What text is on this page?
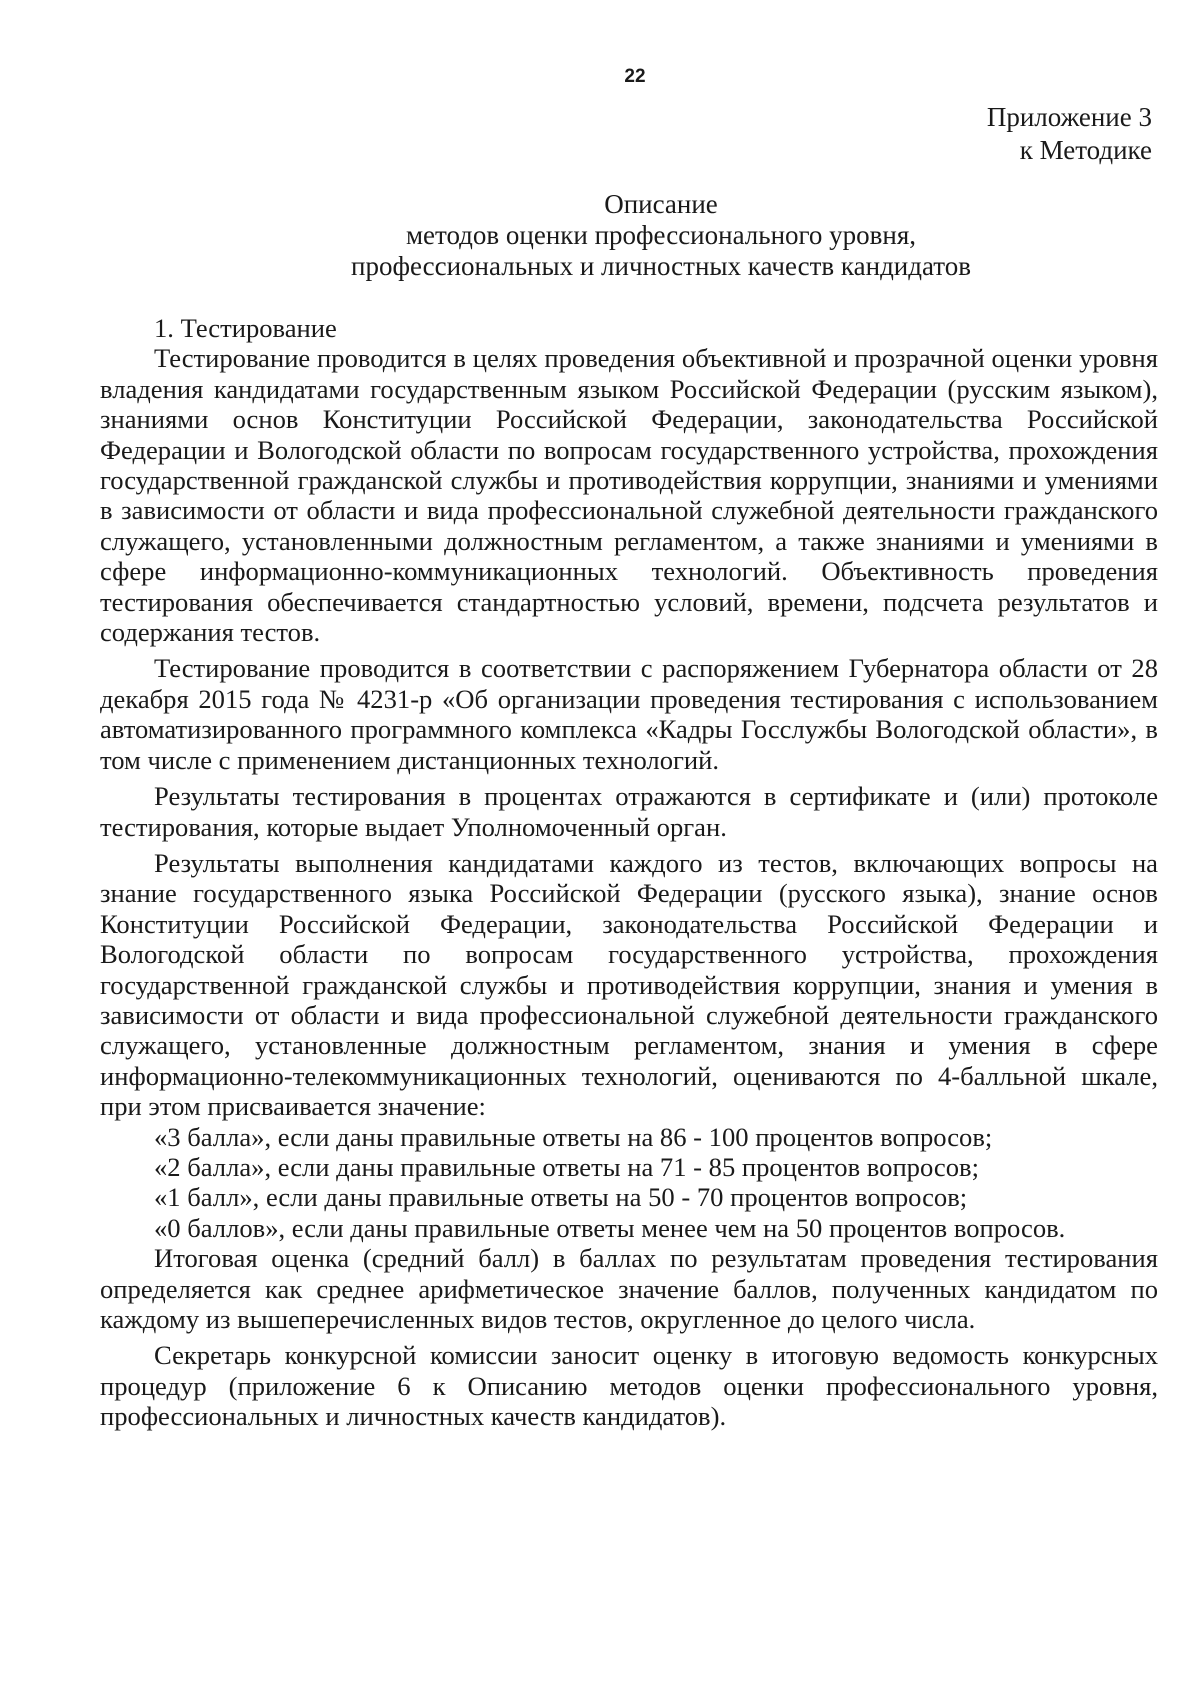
22
Приложение 3
к Методике
Описание
методов оценки профессионального уровня,
профессиональных и личностных качеств кандидатов

1. Тестирование

Тестирование проводится в целях проведения объективной и прозрачной оценки уровня владения кандидатами государственным языком Российской Федерации (русским языком), знаниями основ Конституции Российской Федерации, законодательства Российской Федерации и Вологодской области по вопросам государственного устройства, прохождения государственной гражданской службы и противодействия коррупции, знаниями и умениями в зависимости от области и вида профессиональной служебной деятельности гражданского служащего, установленными должностным регламентом, а также знаниями и умениями в сфере информационно-коммуникационных технологий. Объективность проведения тестирования обеспечивается стандартностью условий, времени, подсчета результатов и содержания тестов.

Тестирование проводится в соответствии с распоряжением Губернатора области от 28 декабря 2015 года № 4231-р «Об организации проведения тестирования с использованием автоматизированного программного комплекса «Кадры Госслужбы Вологодской области», в том числе с применением дистанционных технологий.

Результаты тестирования в процентах отражаются в сертификате и (или) протоколе тестирования, которые выдает Уполномоченный орган.

Результаты выполнения кандидатами каждого из тестов, включающих вопросы на знание государственного языка Российской Федерации (русского языка), знание основ Конституции Российской Федерации, законодательства Российской Федерации и Вологодской области по вопросам государственного устройства, прохождения государственной гражданской службы и противодействия коррупции, знания и умения в зависимости от области и вида профессиональной служебной деятельности гражданского служащего, установленные должностным регламентом, знания и умения в сфере информационно-телекоммуникационных технологий, оцениваются по 4-балльной шкале, при этом присваивается значение:

«3 балла», если даны правильные ответы на 86 - 100 процентов вопросов;

«2 балла», если даны правильные ответы на 71 - 85 процентов вопросов;

«1 балл», если даны правильные ответы на 50 - 70 процентов вопросов;

«0 баллов», если даны правильные ответы менее чем на 50 процентов вопросов.

Итоговая оценка (средний балл) в баллах по результатам проведения тестирования определяется как среднее арифметическое значение баллов, полученных кандидатом по каждому из вышеперечисленных видов тестов, округленное до целого числа.

Секретарь конкурсной комиссии заносит оценку в итоговую ведомость конкурсных процедур (приложение 6 к Описанию методов оценки профессионального уровня, профессиональных и личностных качеств кандидатов).
